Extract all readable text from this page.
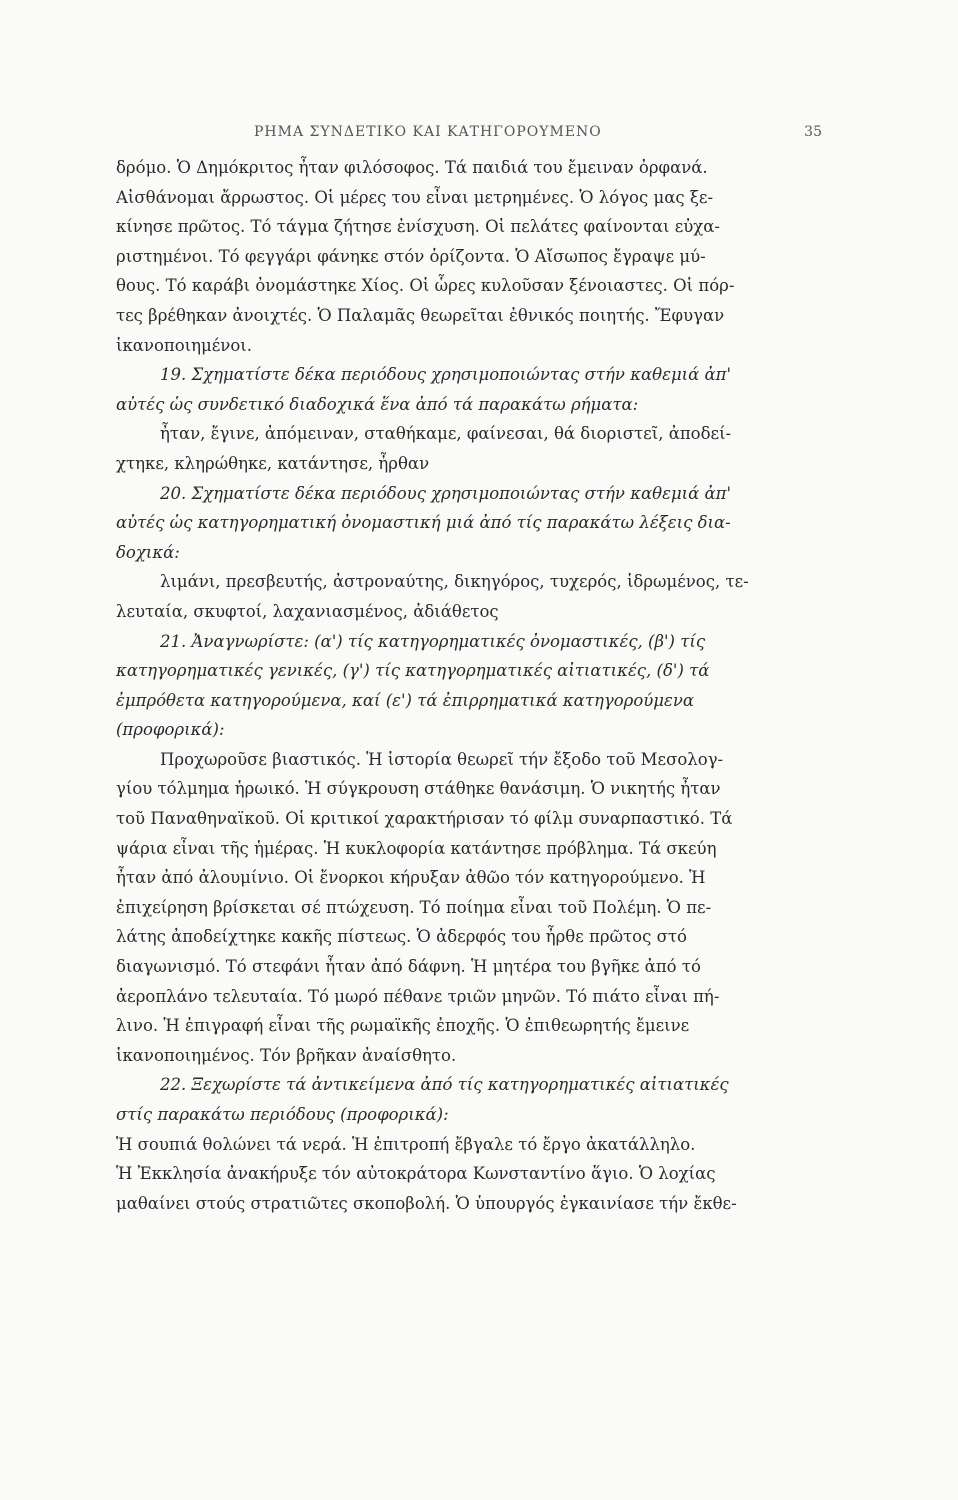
ΡΗΜΑ ΣΥΝΔΕΤΙΚΟ ΚΑΙ ΚΑΤΗΓΟΡΟΥΜΕΝΟ	35
δρόμο. Ὁ Δημόκριτος ἦταν φιλόσοφος. Τά παιδιά του ἔμειναν ὀρφανά.
Αἰσθάνομαι ἄρρωστος. Οἱ μέρες του εἶναι μετρημένες. Ὁ λόγος μας ξε-
κίνησε πρῶτος. Τό τάγμα ζήτησε ἐνίσχυση. Οἱ πελάτες φαίνονται εὐχα-
ριστημένοι. Τό φεγγάρι φάνηκε στόν ὁρίζοντα. Ὁ Αἴσωπος ἔγραψε μύ-
θους. Τό καράβι ὀνομάστηκε Χίος. Οἱ ὧρες κυλοῦσαν ξένοιαστες. Οἱ πόρ-
τες βρέθηκαν ἀνοιχτές. Ὁ Παλαμᾶς θεωρεῖται ἐθνικός ποιητής. Ἔφυγαν
ἱκανοποιημένοι.
19. Σχηματίστε δέκα περιόδους χρησιμοποιώντας στήν καθεμιά ἀπ'
αὐτές ὡς συνδετικό διαδοχικά ἕνα ἀπό τά παρακάτω ρήματα:
ἦταν, ἔγινε, ἀπόμειναν, σταθήκαμε, φαίνεσαι, θά διοριστεῖ, ἀποδεί-
χτηκε, κληρώθηκε, κατάντησε, ἦρθαν
20. Σχηματίστε δέκα περιόδους χρησιμοποιώντας στήν καθεμιά ἀπ'
αὐτές ὡς κατηγορηματική ὀνομαστική μιά ἀπό τίς παρακάτω λέξεις δια-
δοχικά:
λιμάνι, πρεσβευτής, ἀστροναύτης, δικηγόρος, τυχερός, ἱδρωμένος, τε-
λευταία, σκυφτοί, λαχανιασμένος, ἀδιάθετος
21. Ἀναγνωρίστε: (α') τίς κατηγορηματικές ὀνομαστικές, (β') τίς
κατηγορηματικές γενικές, (γ') τίς κατηγορηματικές αἰτιατικές, (δ') τά
ἐμπρόθετα κατηγορούμενα, καί (ε') τά ἐπιρρηματικά κατηγορούμενα
(προφορικά):
Προχωροῦσε βιαστικός. Ἡ ἱστορία θεωρεῖ τήν ἔξοδο τοῦ Μεσολογ-
γίου τόλμημα ἡρωικό. Ἡ σύγκρουση στάθηκε θανάσιμη. Ὁ νικητής ἦταν
τοῦ Παναθηναϊκοῦ. Οἱ κριτικοί χαρακτήρισαν τό φίλμ συναρπαστικό. Τά
ψάρια εἶναι τῆς ἡμέρας. Ἡ κυκλοφορία κατάντησε πρόβλημα. Τά σκεύη
ἦταν ἀπό ἀλουμίνιο. Οἱ ἔνορκοι κήρυξαν ἀθῶο τόν κατηγορούμενο. Ἡ
ἐπιχείρηση βρίσκεται σέ πτώχευση. Τό ποίημα εἶναι τοῦ Πολέμη. Ὁ πε-
λάτης ἀποδείχτηκε κακῆς πίστεως. Ὁ ἀδερφός του ἦρθε πρῶτος στό
διαγωνισμό. Τό στεφάνι ἦταν ἀπό δάφνη. Ἡ μητέρα του βγῆκε ἀπό τό
ἀεροπλάνο τελευταία. Τό μωρό πέθανε τριῶν μηνῶν. Τό πιάτο εἶναι πή-
λινο. Ἡ ἐπιγραφή εἶναι τῆς ρωμαϊκῆς ἐποχῆς. Ὁ ἐπιθεωρητής ἔμεινε
ἱκανοποιημένος. Τόν βρῆκαν ἀναίσθητο.
22. Ξεχωρίστε τά ἀντικείμενα ἀπό τίς κατηγορηματικές αἰτιατικές
στίς παρακάτω περιόδους (προφορικά):
Ἡ σουπιά θολώνει τά νερά. Ἡ ἐπιτροπή ἔβγαλε τό ἔργο ἀκατάλληλο.
Ἡ Ἐκκλησία ἀνακήρυξε τόν αὐτοκράτορα Κωνσταντίνο ἅγιο. Ὁ λοχίας
μαθαίνει στούς στρατιῶτες σκοποβολή. Ὁ ὑπουργός ἐγκαινίασε τήν ἔκθε-
